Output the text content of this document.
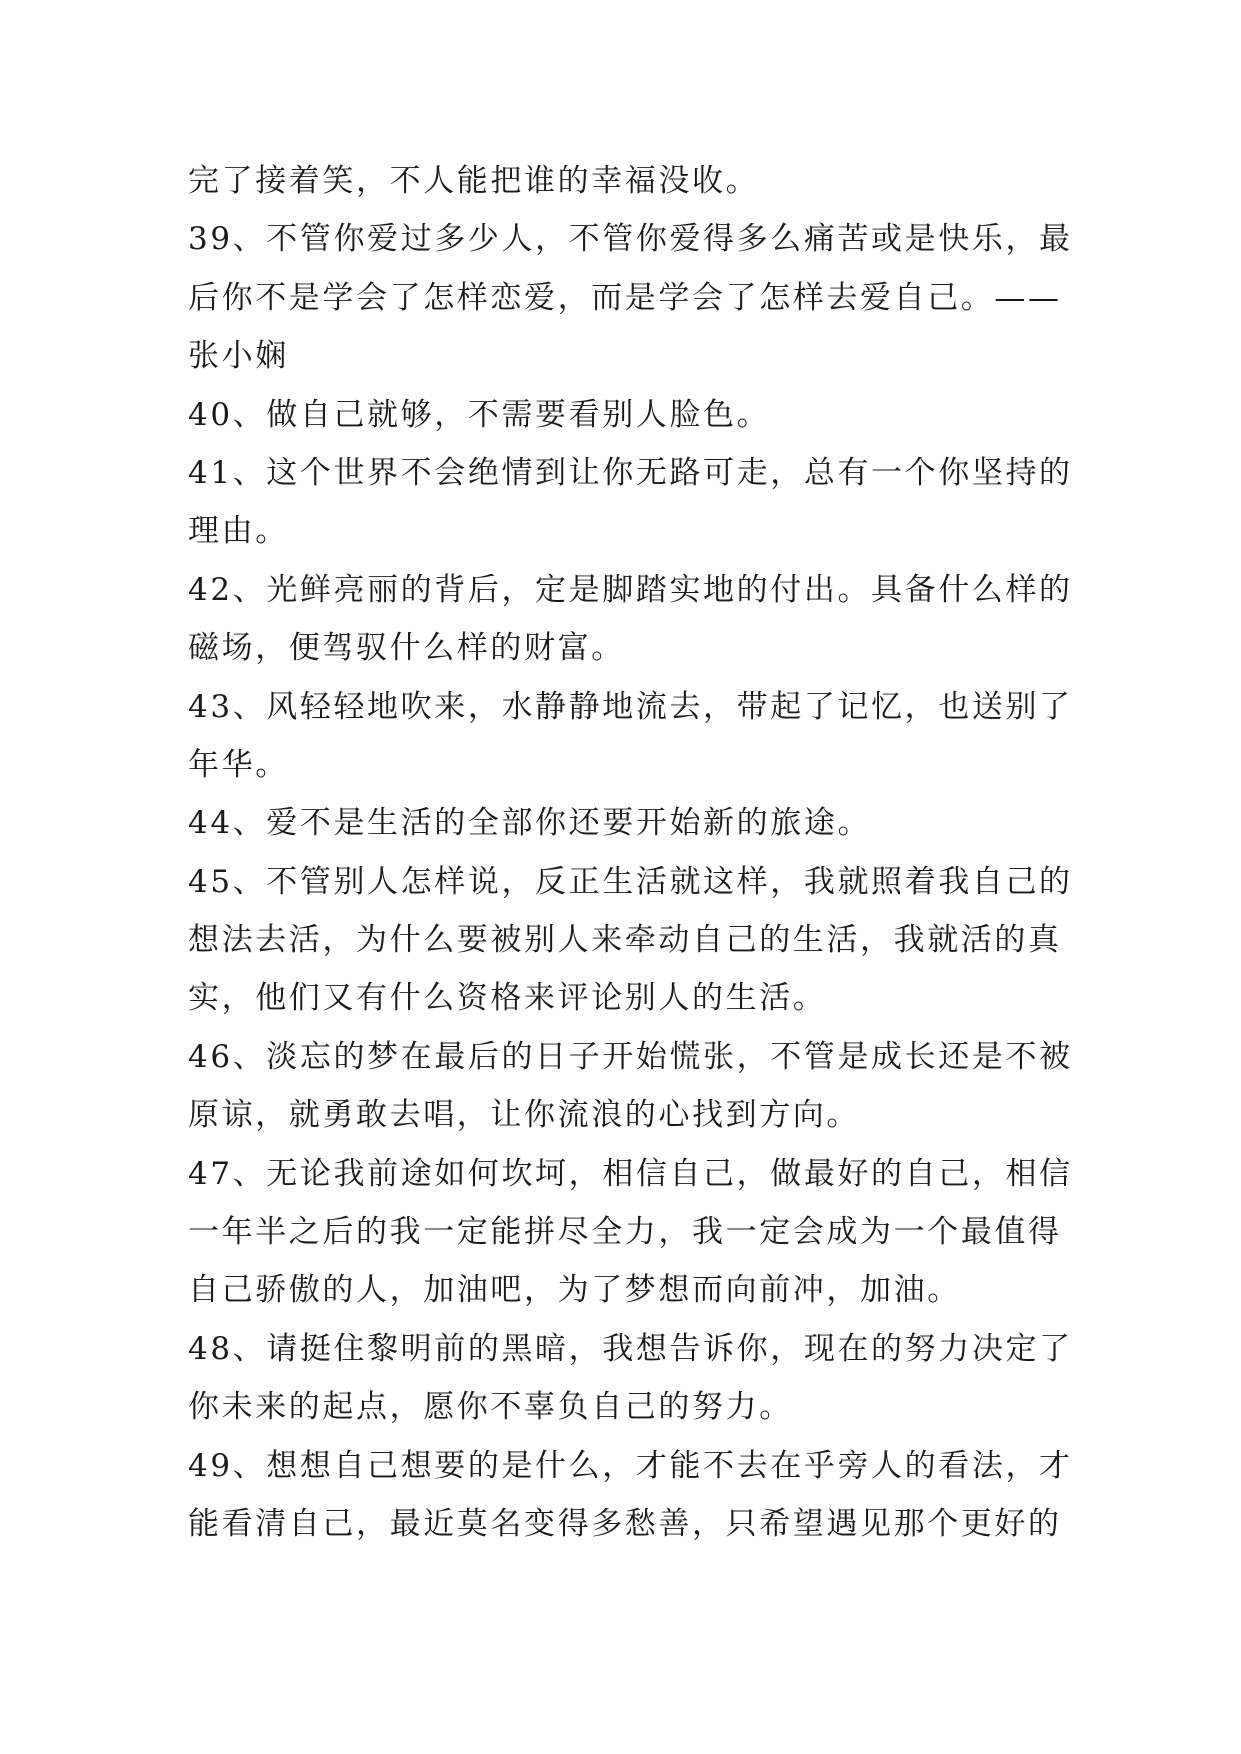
完了接着笑，不人能把谁的幸福没收。
39、不管你爱过多少人，不管你爱得多么痛苦或是快乐，最
后你不是学会了怎样恋爱，而是学会了怎样去爱自己。——
张小娴
40、做自己就够，不需要看别人脸色。
41、这个世界不会绝情到让你无路可走，总有一个你坚持的
理由。
42、光鲜亮丽的背后，定是脚踏实地的付出。具备什么样的
磁场，便驾驭什么样的财富。
43、风轻轻地吹来，水静静地流去，带起了记忆，也送别了
年华。
44、爱不是生活的全部你还要开始新的旅途。
45、不管别人怎样说，反正生活就这样，我就照着我自己的
想法去活，为什么要被别人来牵动自己的生活，我就活的真
实，他们又有什么资格来评论别人的生活。
46、淡忘的梦在最后的日子开始慌张，不管是成长还是不被
原谅，就勇敢去唱，让你流浪的心找到方向。
47、无论我前途如何坎坷，相信自己，做最好的自己，相信
一年半之后的我一定能拼尽全力，我一定会成为一个最值得
自己骄傲的人，加油吧，为了梦想而向前冲，加油。
48、请挺住黎明前的黑暗，我想告诉你，现在的努力决定了
你未来的起点，愿你不辜负自己的努力。
49、想想自己想要的是什么，才能不去在乎旁人的看法，才
能看清自己，最近莫名变得多愁善，只希望遇见那个更好的
